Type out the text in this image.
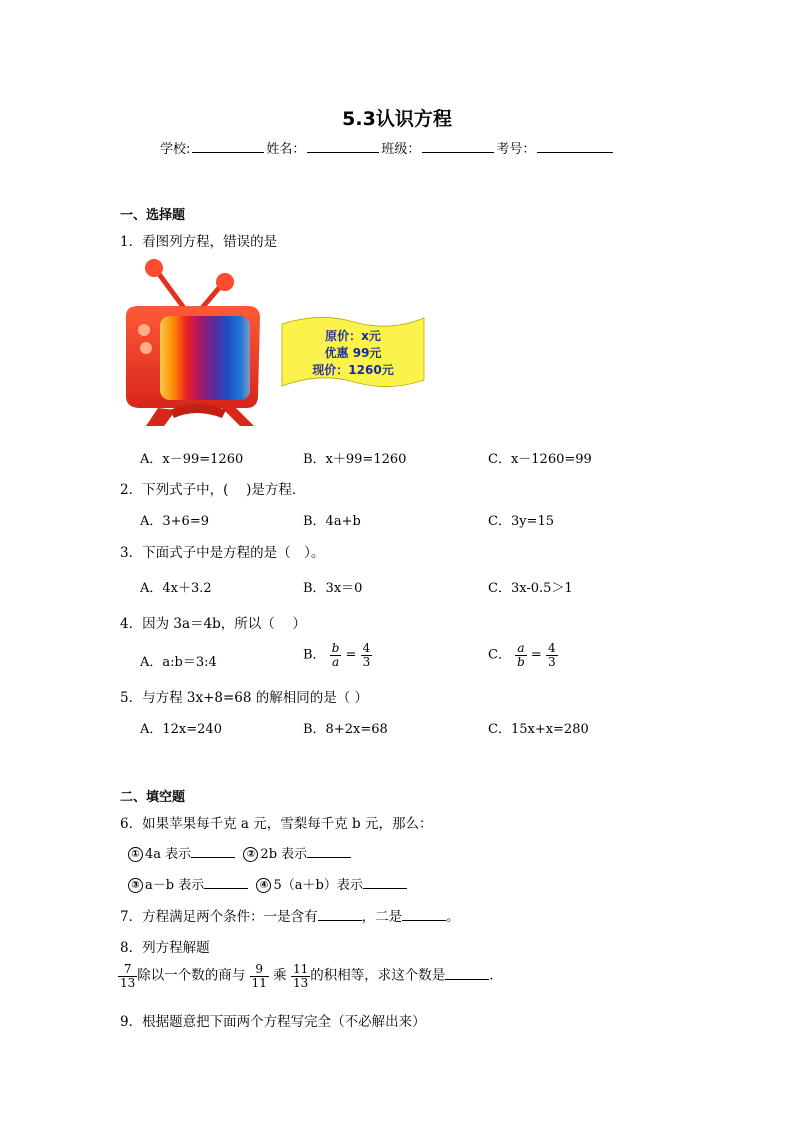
5.3认识方程
学校:	姓名：	班级：	考号：
一、选择题
1．看图列方程，错误的是
原价：x元
优惠 99元
现价：1260元
A．x－99=1260	B．x＋99=1260	C．x－1260=99
2．下列式子中，(　 )是方程．
A．3+6=9	B．4a+b	C．3y=15
3．下面式子中是方程的是（　）。
A．4x＋3.2	B．3x＝0	C．3x-0.5＞1
4．因为 3a＝4b，所以（　 ）
A．a:b＝3:4	B． $\frac{b}{a} = \frac{4}{3}$	C． $\frac{a}{b} = \frac{4}{3}$
5．与方程 3x+8=68 的解相同的是（ ）
A．12x=240	B．8+2x=68	C．15x+x=280
二、填空题
6．如果苹果每千克 a 元，雪梨每千克 b 元，那么：
① 4a 表示	② 2b 表示
③ a－b 表示	④ 5（a＋b）表示
7．方程满足两个条件：一是含有	，二是	。
8．列方程解题
$\frac{7}{13}$ 除以一个数的商与 $\frac{9}{11}$ 乘 $\frac{11}{13}$ 的积相等，求这个数是	.
9．根据题意把下面两个方程写完全（不必解出来）
